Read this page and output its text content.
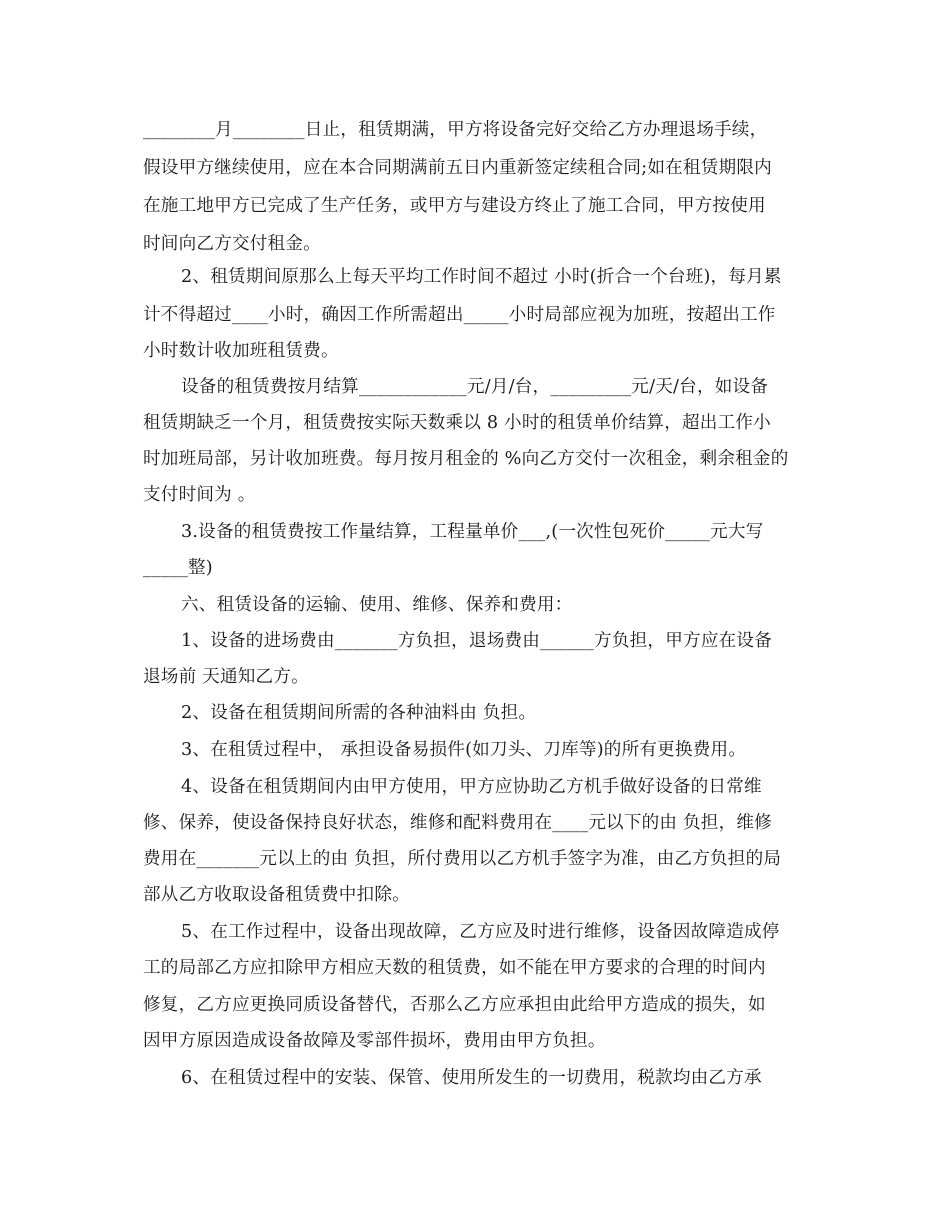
________月________日止，租赁期满，甲方将设备完好交给乙方办理退场手续，
假设甲方继续使用，应在本合同期满前五日内重新签定续租合同;如在租赁期限内
在施工地甲方已完成了生产任务，或甲方与建设方终止了施工合同，甲方按使用
时间向乙方交付租金。
2、租赁期间原那么上每天平均工作时间不超过 小时(折合一个台班)，每月累
计不得超过____小时，确因工作所需超出_____小时局部应视为加班，按超出工作
小时数计收加班租赁费。
设备的租赁费按月结算____________元/月/台，_________元/天/台，如设备
租赁期缺乏一个月，租赁费按实际天数乘以 8 小时的租赁单价结算，超出工作小
时加班局部，另计收加班费。每月按月租金的 %向乙方交付一次租金，剩余租金的
支付时间为 。
3.设备的租赁费按工作量结算，工程量单价___,(一次性包死价_____元大写
_____整)
六、租赁设备的运输、使用、维修、保养和费用：
1、设备的进场费由_______方负担，退场费由______方负担，甲方应在设备
退场前 天通知乙方。
2、设备在租赁期间所需的各种油料由 负担。
3、在租赁过程中， 承担设备易损件(如刀头、刀库等)的所有更换费用。
4、设备在租赁期间内由甲方使用，甲方应协助乙方机手做好设备的日常维
修、保养，使设备保持良好状态，维修和配料费用在____元以下的由 负担，维修
费用在_______元以上的由 负担，所付费用以乙方机手签字为准，由乙方负担的局
部从乙方收取设备租赁费中扣除。
5、在工作过程中，设备出现故障，乙方应及时进行维修，设备因故障造成停
工的局部乙方应扣除甲方相应天数的租赁费，如不能在甲方要求的合理的时间内
修复，乙方应更换同质设备替代，否那么乙方应承担由此给甲方造成的损失，如
因甲方原因造成设备故障及零部件损坏，费用由甲方负担。
6、在租赁过程中的安装、保管、使用所发生的一切费用，税款均由乙方承
